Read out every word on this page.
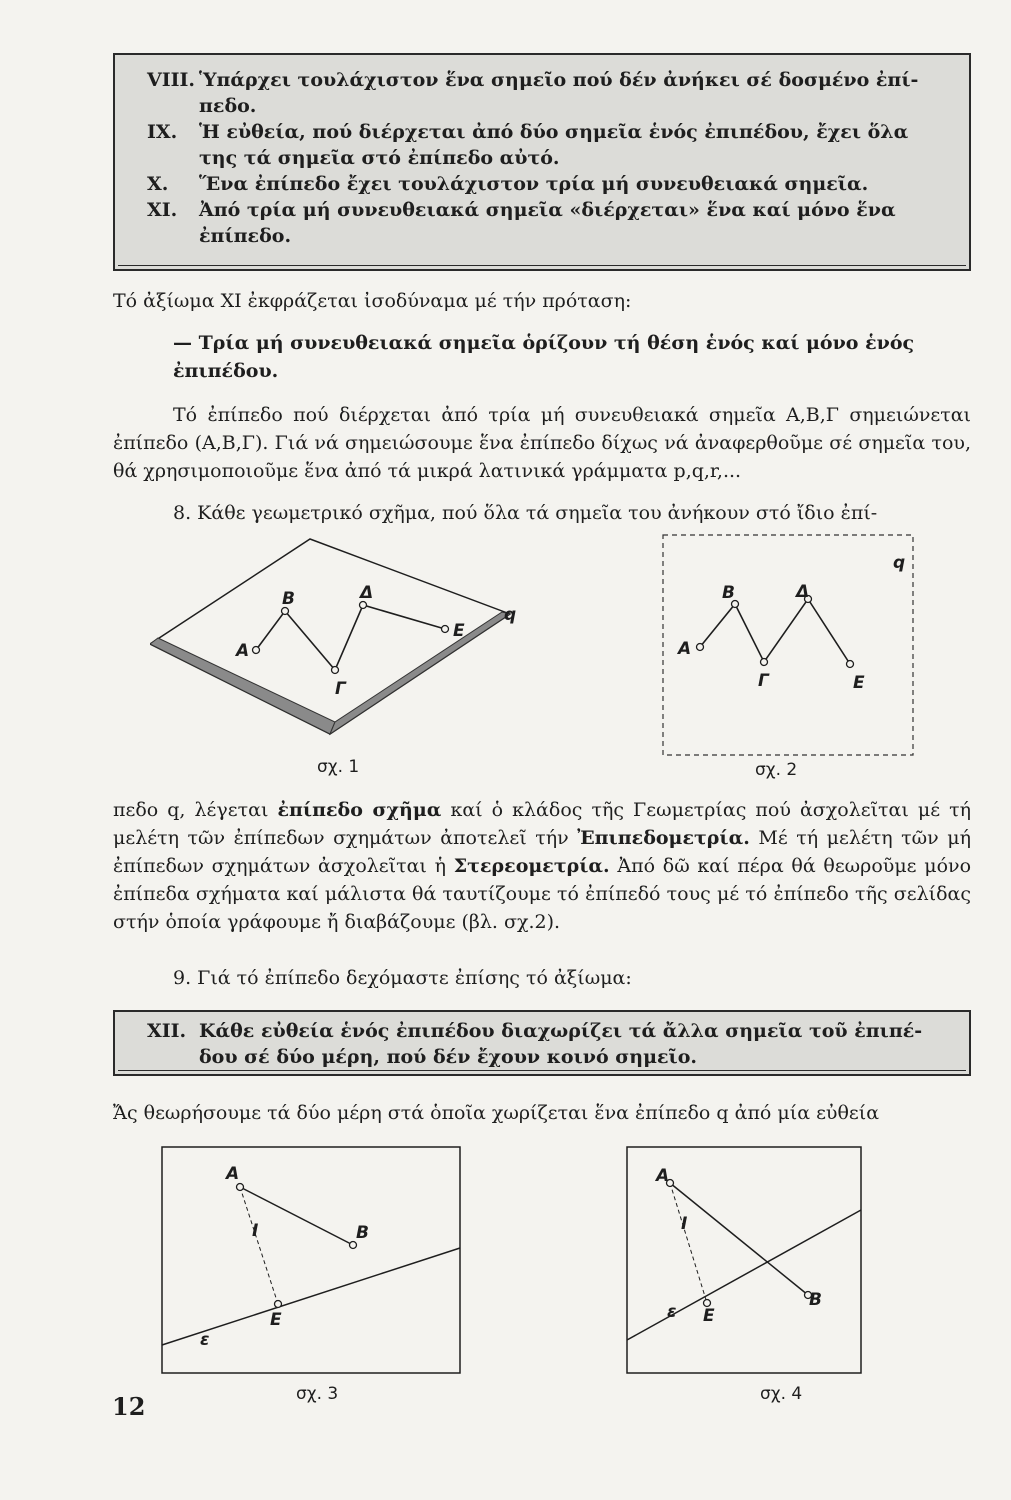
VIII. Ὑπάρχει τουλάχιστον ἕνα σημεῖο πού δέν ἀνήκει σέ δοσμένο ἐπί-
πεδο.
IX.	Ἡ εὐθεία, πού διέρχεται ἀπό δύο σημεῖα ἑνός ἐπιπέδου, ἔχει ὅλα
της τά σημεῖα στό ἐπίπεδο αὐτό.
X.	Ἕνα ἐπίπεδο ἔχει τουλάχιστον τρία μή συνευθειακά σημεῖα.
XI.	Ἀπό τρία μή συνευθειακά σημεῖα «διέρχεται» ἕνα καί μόνο ἕνα
ἐπίπεδο.
Τό ἀξίωμα XI ἐκφράζεται ἰσοδύναμα μέ τήν πρόταση:
— Τρία μή συνευθειακά σημεῖα ὁρίζουν τή θέση ἑνός καί μόνο ἑνός
ἐπιπέδου.
Τό ἐπίπεδο πού διέρχεται ἀπό τρία μή συνευθειακά σημεῖα Α,Β,Γ σημειώνεται ἐπίπεδο (Α,Β,Γ). Γιά νά σημειώσουμε ἕνα ἐπίπεδο δίχως νά ἀναφερθοῦμε σέ σημεῖα του, θά χρησιμοποιοῦμε ἕνα ἀπό τά μικρά λατινικά γράμματα p,q,r,...
8. Κάθε γεωμετρικό σχῆμα, πού ὅλα τά σημεῖα του ἀνήκουν στό ἴδιο ἐπί-
A
B
Γ
Δ
E
q
σχ. 1
A
B
Γ
Δ
E
q
σχ. 2
πεδο q, λέγεται ἐπίπεδο σχῆμα καί ὁ κλάδος τῆς Γεωμετρίας πού ἀσχολεῖται μέ τή μελέτη τῶν ἐπίπεδων σχημάτων ἀποτελεῖ τήν Ἐπιπεδομετρία. Μέ τή μελέτη τῶν μή ἐπίπεδων σχημάτων ἀσχολεῖται ἡ Στερεομετρία. Ἀπό δῶ καί πέρα θά θεωροῦμε μόνο ἐπίπεδα σχήματα καί μάλιστα θά ταυτίζουμε τό ἐπίπεδό τους μέ τό ἐπίπεδο τῆς σελίδας στήν ὁποία γράφουμε ἤ διαβάζουμε (βλ. σχ.2).
9. Γιά τό ἐπίπεδο δεχόμαστε ἐπίσης τό ἀξίωμα:
XII. Κάθε εὐθεία ἑνός ἐπιπέδου διαχωρίζει τά ἄλλα σημεῖα τοῦ ἐπιπέ-
δου σέ δύο μέρη, πού δέν ἔχουν κοινό σημεῖο.
Ἄς θεωρήσουμε τά δύο μέρη στά ὁποῖα χωρίζεται ἕνα ἐπίπεδο q ἀπό μία εὐθεία
A
B
I
E
ε
σχ. 3
A
B
I
E
ε
σχ. 4
12
